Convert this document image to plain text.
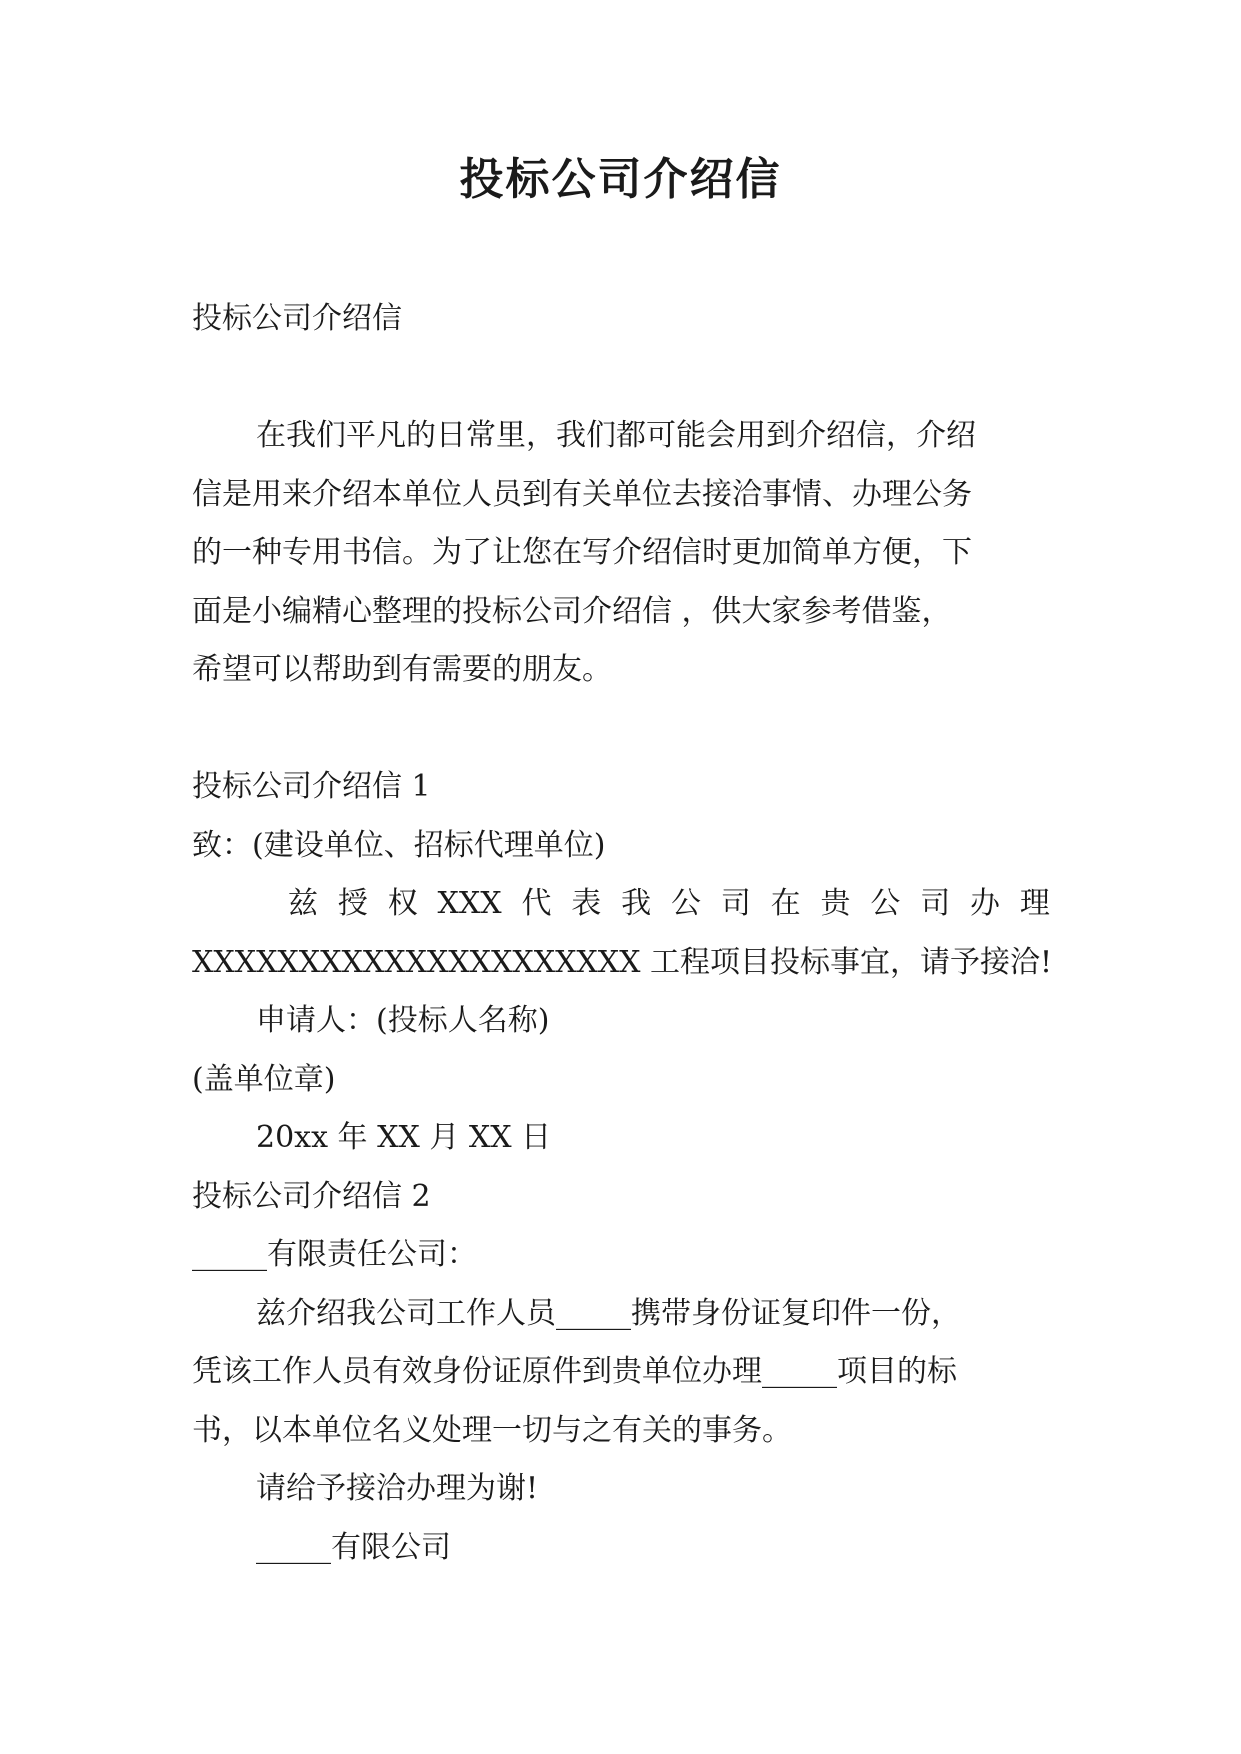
投标公司介绍信
投标公司介绍信
在我们平凡的日常里，我们都可能会用到介绍信，介绍
信是用来介绍本单位人员到有关单位去接洽事情、办理公务
的一种专用书信。为了让您在写介绍信时更加简单方便，下
面是小编精心整理的投标公司介绍信 ，供大家参考借鉴，
希望可以帮助到有需要的朋友。
投标公司介绍信 1
致：(建设单位、招标代理单位)
兹 授 权 XXX 代 表 我 公 司 在 贵 公 司 办 理
XXXXXXXXXXXXXXXXXXXXX 工程项目投标事宜，请予接洽!
申请人：(投标人名称)
(盖单位章)
20xx 年 XX 月 XX 日
投标公司介绍信 2
_____有限责任公司：
兹介绍我公司工作人员_____携带身份证复印件一份，
凭该工作人员有效身份证原件到贵单位办理_____项目的标
书，以本单位名义处理一切与之有关的事务。
请给予接洽办理为谢!
_____有限公司
